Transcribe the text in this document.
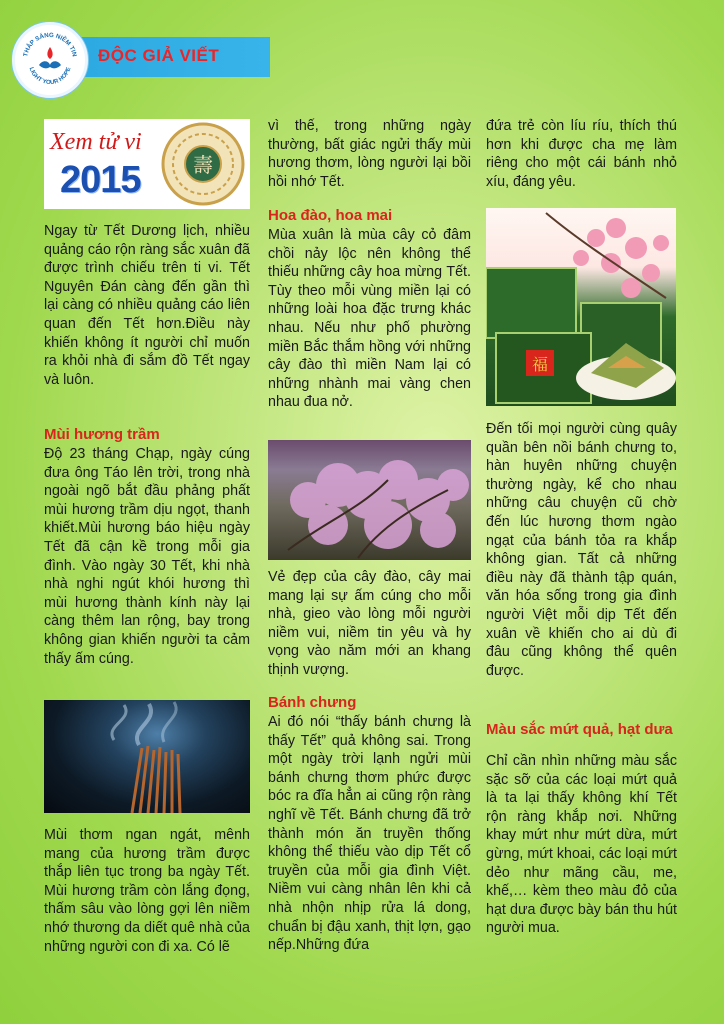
ĐỘC GIẢ VIẾT
THẮP SÁNG NIỀM TIN
LIGHT YOUR HOPE
Xem tử vi
2015	壽

Ngay từ Tết Dương lịch, nhiều quảng cáo rộn ràng sắc xuân đã được trình chiếu trên ti vi. Tết Nguyên Đán càng đến gần thì lại càng có nhiều quảng cáo liên quan đến Tết hơn.Điều này khiến không ít người chỉ muốn ra khỏi nhà đi sắm đồ Tết ngay và luôn.

Mùi hương trầm

Độ 23 tháng Chạp, ngày cúng đưa ông Táo lên trời, trong nhà ngoài ngõ bắt đầu phảng phất mùi hương trầm dịu ngọt, thanh khiết.Mùi hương báo hiệu ngày Tết đã cận kề trong mỗi gia đình. Vào ngày 30 Tết, khi nhà nhà nghi ngút khói hương thì mùi hương thành kính này lại càng thêm lan rộng, bay trong không gian khiến người ta cảm thấy ấm cúng.

Mùi thơm ngan ngát, mênh mang của hương trầm được thắp liên tục trong ba ngày Tết. Mùi hương trầm còn lắng đọng, thấm sâu vào lòng gợi lên niềm nhớ thương da diết quê nhà của những người con đi xa. Có lẽ

vì thế, trong những ngày thường, bất giác ngửi thấy mùi hương thơm, lòng người lại bồi hồi nhớ Tết.

Hoa đào, hoa mai

Mùa xuân là mùa cây cỏ đâm chồi nảy lộc nên không thể thiếu những cây hoa mừng Tết. Tùy theo mỗi vùng miền lại có những loài hoa đặc trưng khác nhau. Nếu như phố phường miền Bắc thắm hồng với những cây đào thì miền Nam lại có những nhành mai vàng chen nhau đua nở.

Vẻ đẹp của cây đào, cây mai mang lại sự ấm cúng cho mỗi nhà, gieo vào lòng mỗi người niềm vui, niềm tin yêu và hy vọng vào năm mới an khang thịnh vượng.

Bánh chưng

Ai đó nói “thấy bánh chưng là thấy Tết” quả không sai. Trong một ngày trời lạnh ngửi mùi bánh chưng thơm phức được bóc ra đĩa hẳn ai cũng rộn ràng nghĩ về Tết. Bánh chưng đã trở thành món ăn truyền thống không thể thiếu vào dịp Tết cổ truyền của mỗi gia đình Việt. Niềm vui càng nhân lên khi cả nhà nhộn nhịp rửa lá dong, chuẩn bị đậu xanh, thịt lợn, gạo nếp.Những đứa

đứa trẻ còn líu ríu, thích thú hơn khi được cha mẹ làm riêng cho một cái bánh nhỏ xíu, đáng yêu.

福

Đến tối mọi người cùng quây quần bên nồi bánh chưng to, hàn huyên những chuyện thường ngày, kể cho nhau những câu chuyện cũ chờ đến lúc hương thơm ngào ngạt của bánh tỏa ra khắp không gian. Tất cả những điều này đã thành tập quán, văn hóa sống trong gia đình người Việt mỗi dịp Tết đến xuân về khiến cho ai dù đi đâu cũng không thể quên được.

Màu sắc mứt quả, hạt dưa

Chỉ cần nhìn những màu sắc sặc sỡ của các loại mứt quả là ta lại thấy không khí Tết rộn ràng khắp nơi. Những khay mứt như mứt dừa, mứt gừng, mứt khoai, các loại mứt dẻo như mãng cầu, me, khế,… kèm theo màu đỏ của hạt dưa được bày bán thu hút người mua.
